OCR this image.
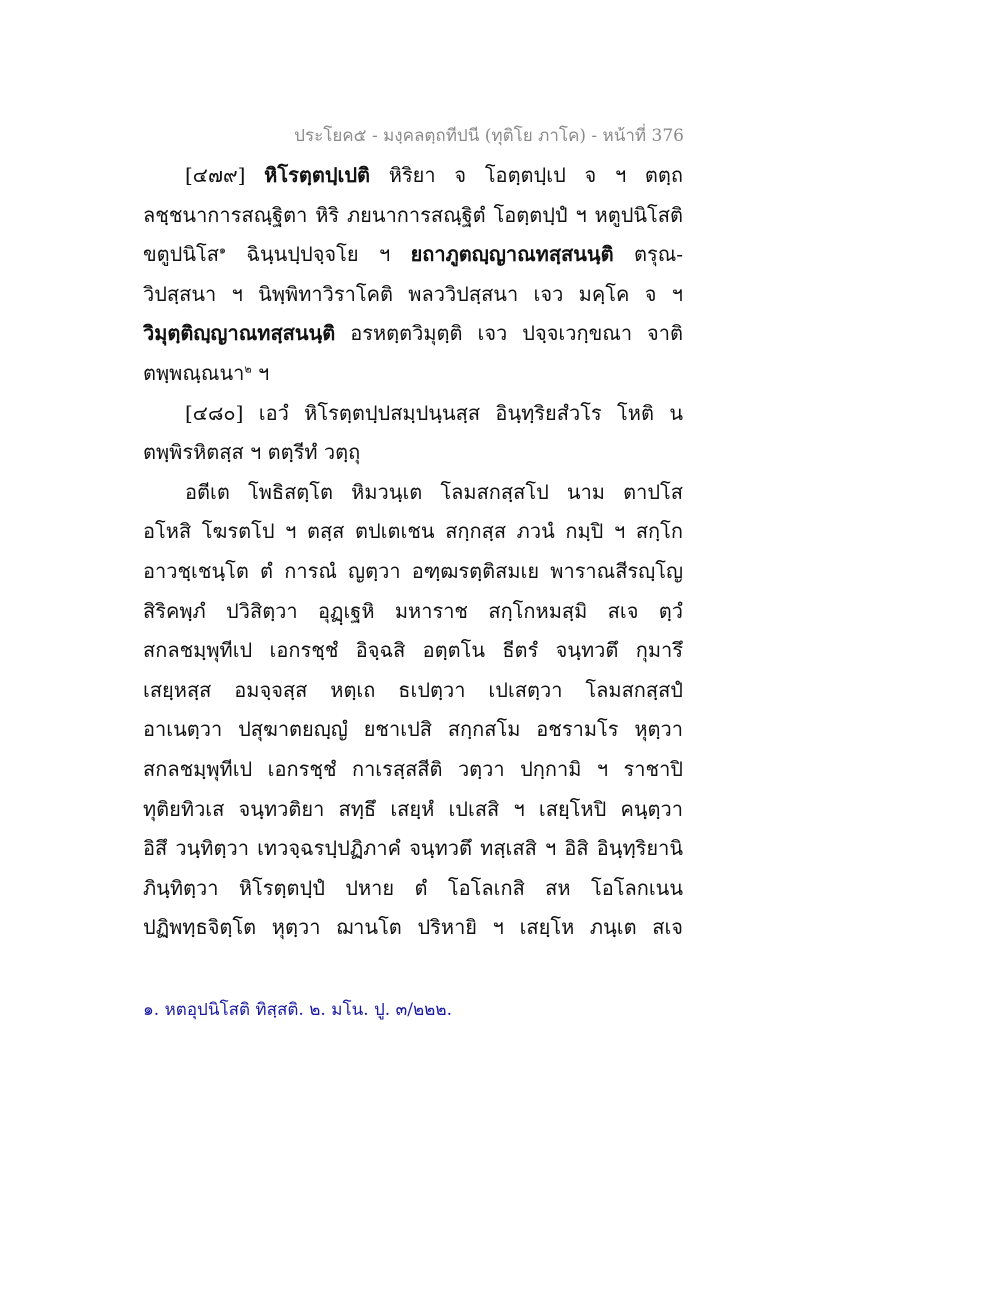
ประโยค๕ - มงฺคลตฺถทีปนี (ทุติโย ภาโค) - หน้าที่ 376
[๔๗๙] หิโรตฺตปฺเปติ หิริยา จ โอตฺตปฺเป จ ฯ ตตฺถ
ลชฺชนาการสณฺฐิตา หิริ ภยนาการสณฺฐิตํ โอตฺตปฺปํ ฯ หตูปนิโสติ
ขตูปนิโส$^๑$ ฉินฺนปฺปจฺจโย ฯ ยถาภูตญฺญาณทสฺสนนฺติ ตรุณ-
วิปสฺสนา ฯ นิพฺพิทาวิราโคติ พลววิปสฺสนา เจว มคฺโค จ ฯ
วิมุตฺติญฺญาณทสฺสนนฺติ อรหตฺตวิมุตฺติ เจว ปจฺจเวกฺขณา จาติ
ตพฺพณฺณนา$^๒$ ฯ
[๔๘๐] เอวํ หิโรตฺตปฺปสมฺปนฺนสฺส อินฺทฺริยสํวโร โหติ น
ตพฺพิรหิตสฺส ฯ ตตฺรีทํ วตฺถุ
อตีเต โพธิสตฺโต หิมวนฺเต โลมสกสฺสโป นาม ตาปโส
อโหสิ โฆรตโป ฯ ตสฺส ตปเตเชน สกฺกสฺส ภวนํ กมฺปิ ฯ สกฺโก
อาวชฺเชนฺโต ตํ การณํ ญตฺวา อฑฺฒรตฺติสมเย พาราณสีรญฺโญ
สิริคพฺภํ ปวิสิตฺวา อุฏฺเฐหิ มหาราช สกฺโกหมสฺมิ สเจ ตฺวํ
สกลชมฺพุทีเป เอกรชฺชํ อิจฺฉสิ อตฺตโน ธีตรํ จนฺทวตึ กุมารึ
เสยฺหสฺส อมจฺจสฺส หตฺเถ ธเปตฺวา เปเสตฺวา โลมสกสฺสปํ
อาเนตฺวา ปสุฆาตยญฺญํ ยชาเปสิ สกฺกสโม อชรามโร หุตฺวา
สกลชมฺพุทีเป เอกรชฺชํ กาเรสฺสสีติ วตฺวา ปกฺกามิ ฯ ราชาปิ
ทุติยทิวเส จนฺทวติยา สทฺธึ เสยฺหํ เปเสสิ ฯ เสยฺโหปิ คนฺตฺวา
อิสึ วนฺทิตฺวา เทวจฺฉรปฺปฏิภาคํ จนฺทวตึ ทสฺเสสิ ฯ อิสิ อินฺทฺริยานิ
ภินฺทิตฺวา หิโรตฺตปฺปํ ปหาย ตํ โอโลเกสิ สห โอโลกเนน
ปฏิพทฺธจิตฺโต หุตฺวา ฌานโต ปริหายิ ฯ เสยฺโห ภนฺเต สเจ
๑. หตอุปนิโสติ ทิสฺสติ. ๒. มโน. ปู. ๓/๒๒๒.
